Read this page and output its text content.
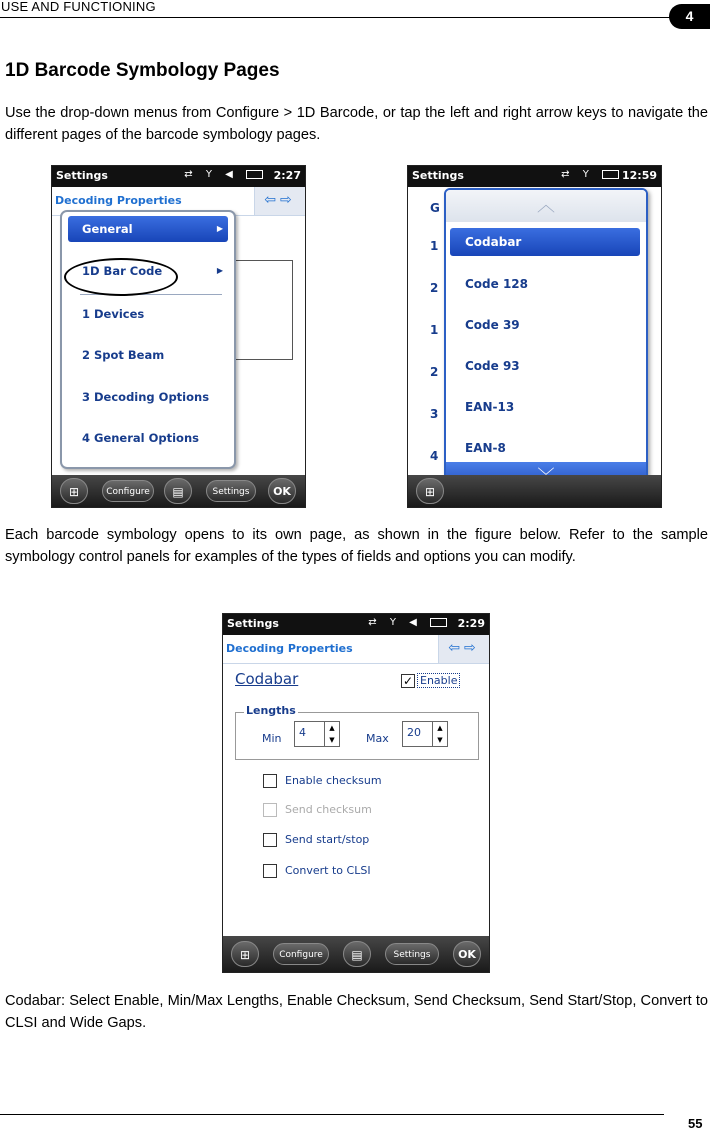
USE AND FUNCTIONING
4
1D Barcode Symbology Pages
Use the drop-down menus from Configure > 1D Barcode, or tap the left and right arrow keys to navigate the different pages of the barcode symbology pages.
Settings	⇄ Y ◀	2:27
Decoding Properties	⇦⇨
General	▶
1D Bar Code	▶
1 Devices
2 Spot Beam
3 Decoding Options
4 General Options
⊞	Configure	▤	Settings	OK
Settings	⇄ Y	12:59
G
1
2
1
2
3
4
︿
Codabar
Code 128
Code 39
Code 93
EAN-13
EAN-8
⊞
Each barcode symbology opens to its own page, as shown in the figure below. Refer to the sample symbology control panels for examples of the types of fields and options you can modify.
Settings	⇄ Y ◀	2:29
Decoding Properties	⇦⇨
Codabar	✓ Enable
Lengths
Min 4	▲
▼	Max 20	▲
▼
Enable checksum
Send checksum
Send start/stop
Convert to CLSI
⊞	Configure	▤	Settings	OK
Codabar: Select Enable, Min/Max Lengths, Enable Checksum, Send Checksum, Send Start/Stop, Convert to CLSI and Wide Gaps.
55
